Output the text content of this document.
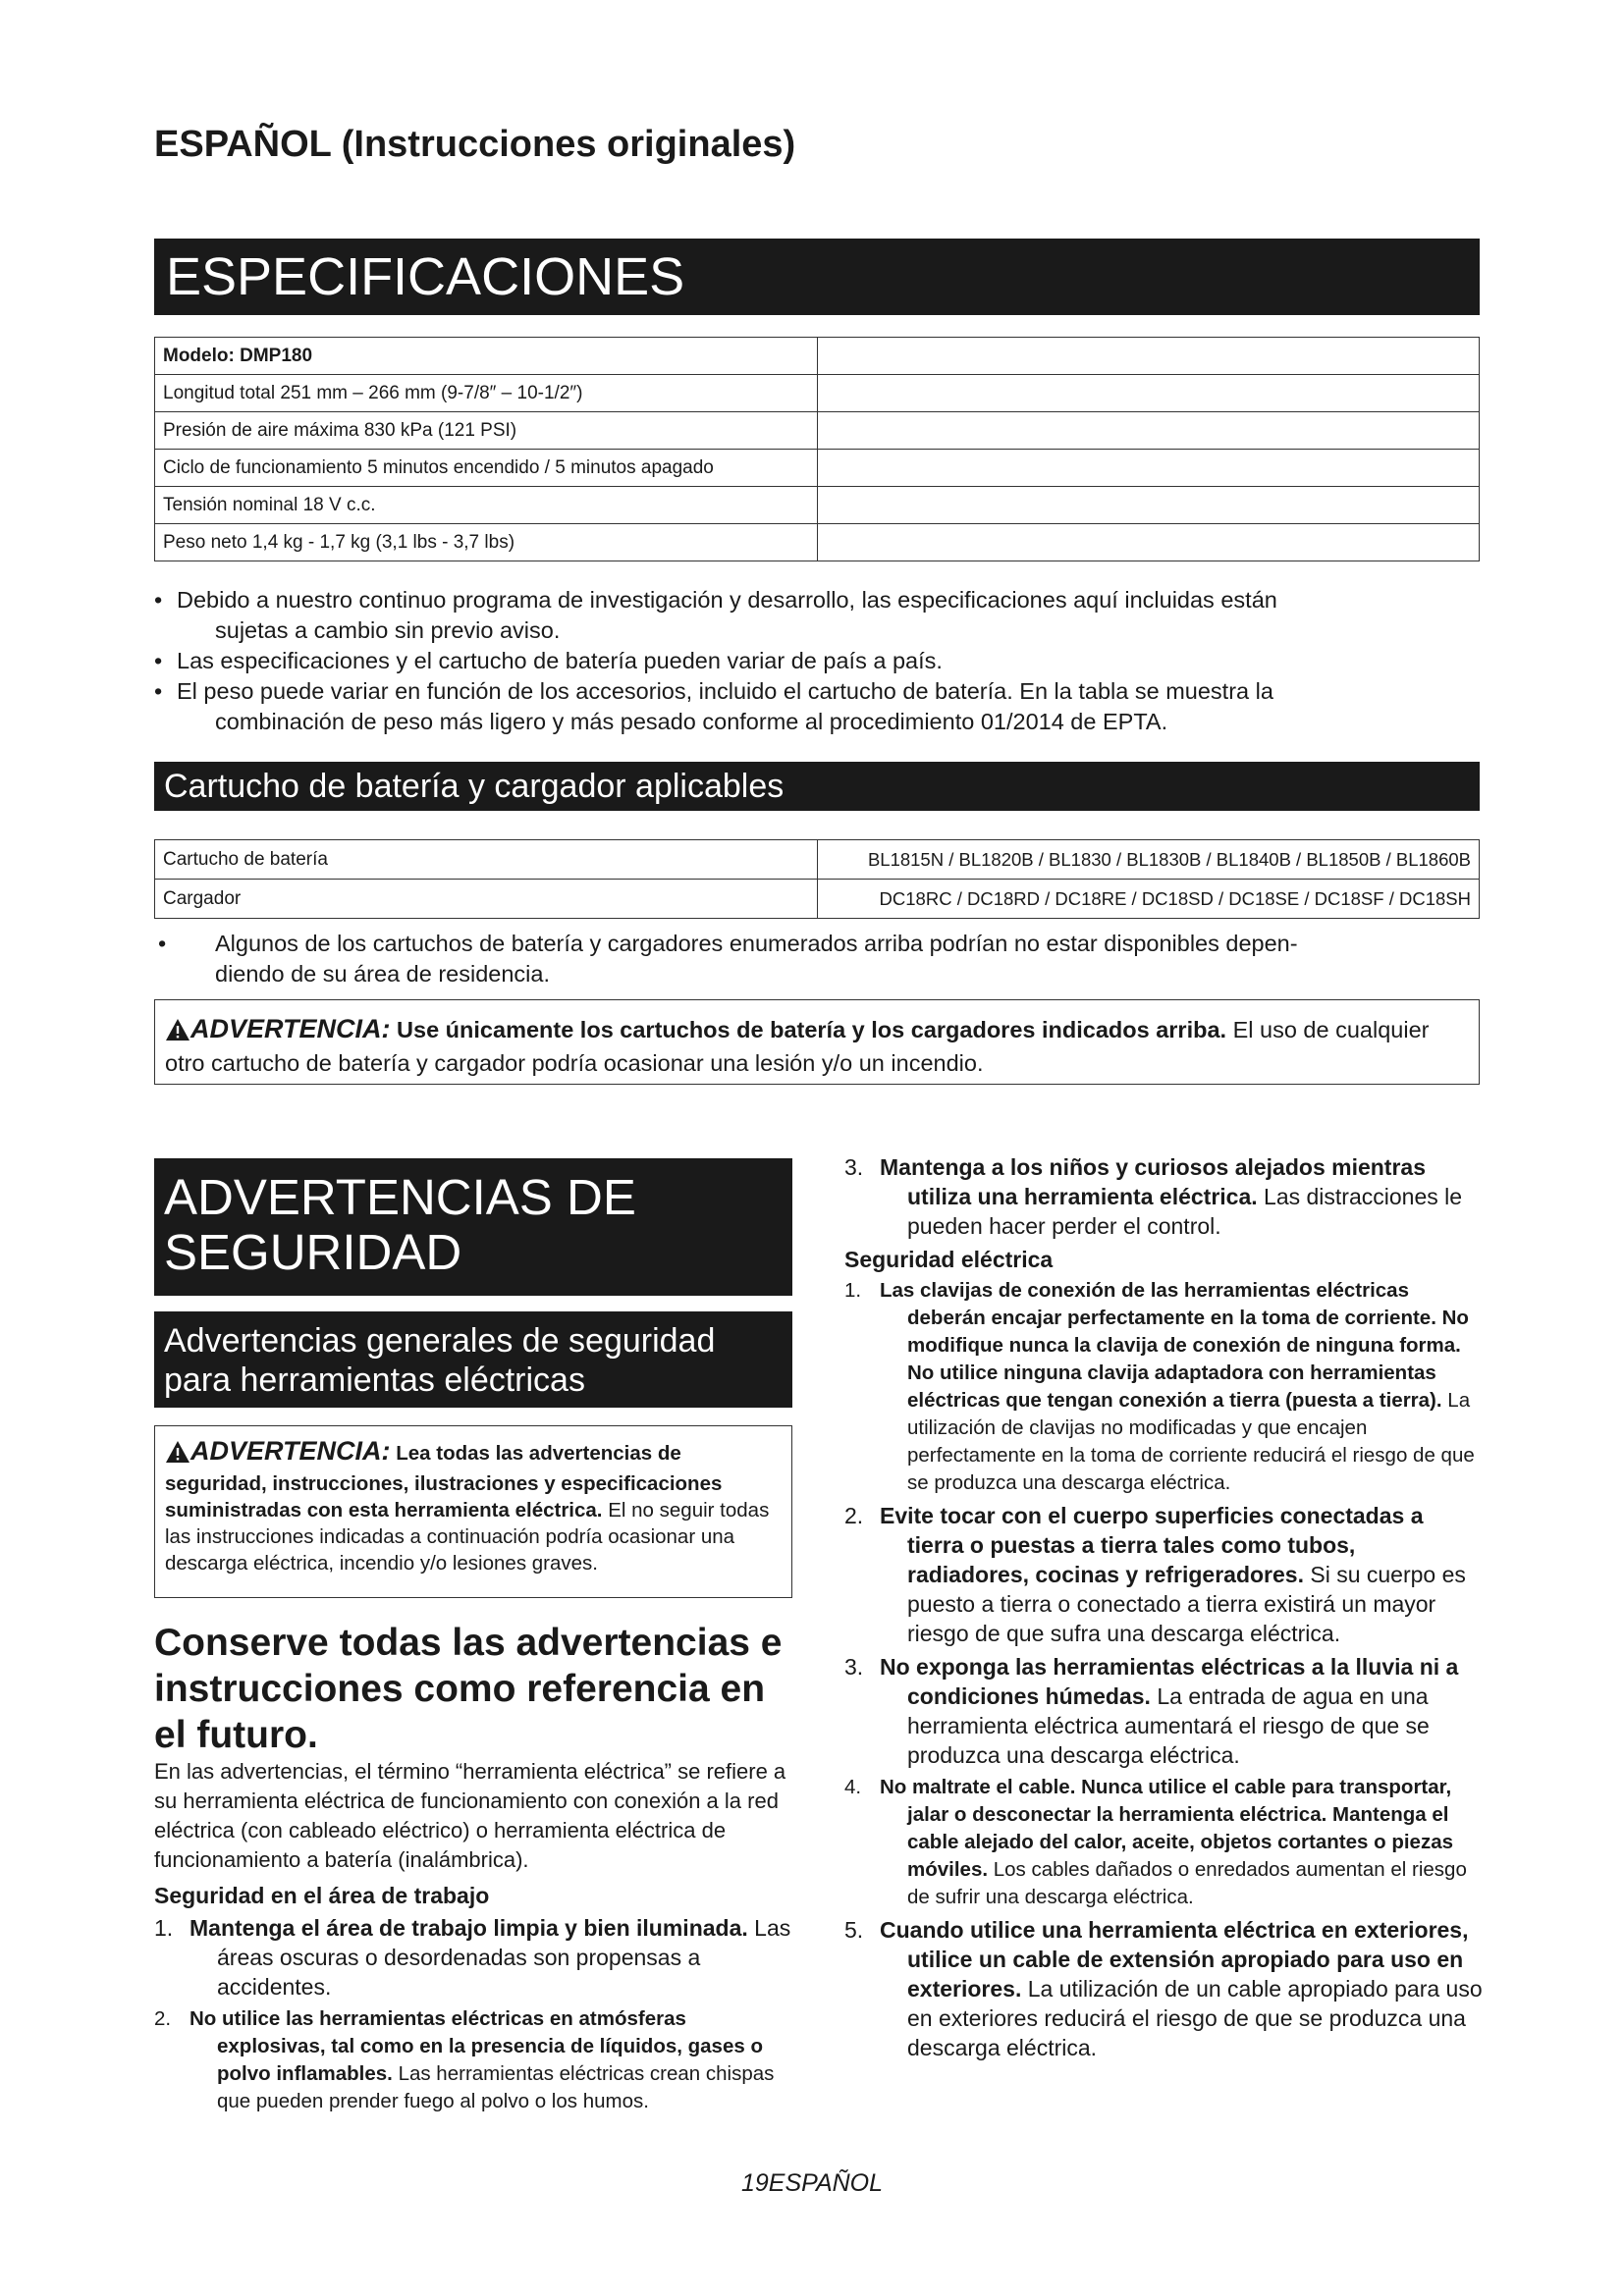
ESPAÑOL (Instrucciones originales)
ESPECIFICACIONES
Modelo: DMP180	
Longitud total 251 mm – 266 mm (9-7/8″ – 10-1/2″)	
Presión de aire máxima 830 kPa (121 PSI)	
Ciclo de funcionamiento 5 minutos encendido / 5 minutos apagado	
Tensión nominal 18 V c.c.	
Peso neto 1,4 kg - 1,7 kg (3,1 lbs - 3,7 lbs)	
• Debido a nuestro continuo programa de investigación y desarrollo, las especificaciones aquí incluidas están
sujetas a cambio sin previo aviso.
• Las especificaciones y el cartucho de batería pueden variar de país a país.
• El peso puede variar en función de los accesorios, incluido el cartucho de batería. En la tabla se muestra la
combinación de peso más ligero y más pesado conforme al procedimiento 01/2014 de EPTA.
Cartucho de batería y cargador aplicables
Cartucho de batería	BL1815N / BL1820B / BL1830 / BL1830B / BL1840B / BL1850B / BL1860B
Cargador	DC18RC / DC18RD / DC18RE / DC18SD / DC18SE / DC18SF / DC18SH
• Algunos de los cartuchos de batería y cargadores enumerados arriba podrían no estar disponibles depen-
diendo de su área de residencia.
ADVERTENCIA: Use únicamente los cartuchos de batería y los cargadores indicados arriba. El uso de cualquier otro cartucho de batería y cargador podría ocasionar una lesión y/o un incendio.
ADVERTENCIAS DE
SEGURIDAD
Advertencias generales de seguridad
para herramientas eléctricas
ADVERTENCIA: Lea todas las advertencias de seguridad, instrucciones, ilustraciones y especificaciones suministradas con esta herramienta eléctrica. El no seguir todas las instrucciones indicadas a continuación podría ocasionar una descarga eléctrica, incendio y/o lesiones graves.
Conserve todas las advertencias e instrucciones como referencia en el futuro.
En las advertencias, el término “herramienta eléctrica” se refiere a su herramienta eléctrica de funcionamiento con conexión a la red eléctrica (con cableado eléctrico) o herramienta eléctrica de funcionamiento a batería (inalámbrica).
Seguridad en el área de trabajo
1. Mantenga el área de trabajo limpia y bien iluminada. Las áreas oscuras o desordenadas son propensas a accidentes.
2. No utilice las herramientas eléctricas en atmósferas explosivas, tal como en la presencia de líquidos, gases o polvo inflamables. Las herramientas eléctricas crean chispas que pueden prender fuego al polvo o los humos.
3. Mantenga a los niños y curiosos alejados mientras utiliza una herramienta eléctrica. Las distracciones le pueden hacer perder el control.
Seguridad eléctrica
1. Las clavijas de conexión de las herramientas eléctricas deberán encajar perfectamente en la toma de corriente. No modifique nunca la clavija de conexión de ninguna forma. No utilice ninguna clavija adaptadora con herramientas eléctricas que tengan conexión a tierra (puesta a tierra). La utilización de clavijas no modificadas y que encajen perfectamente en la toma de corriente reducirá el riesgo de que se produzca una descarga eléctrica.
2. Evite tocar con el cuerpo superficies conectadas a tierra o puestas a tierra tales como tubos, radiadores, cocinas y refrigeradores. Si su cuerpo es puesto a tierra o conectado a tierra existirá un mayor riesgo de que sufra una descarga eléctrica.
3. No exponga las herramientas eléctricas a la lluvia ni a condiciones húmedas. La entrada de agua en una herramienta eléctrica aumentará el riesgo de que se produzca una descarga eléctrica.
4. No maltrate el cable. Nunca utilice el cable para transportar, jalar o desconectar la herramienta eléctrica. Mantenga el cable alejado del calor, aceite, objetos cortantes o piezas móviles. Los cables dañados o enredados aumentan el riesgo de sufrir una descarga eléctrica.
5. Cuando utilice una herramienta eléctrica en exteriores, utilice un cable de extensión apropiado para uso en exteriores. La utilización de un cable apropiado para uso en exteriores reducirá el riesgo de que se produzca una descarga eléctrica.
19ESPAÑOL
